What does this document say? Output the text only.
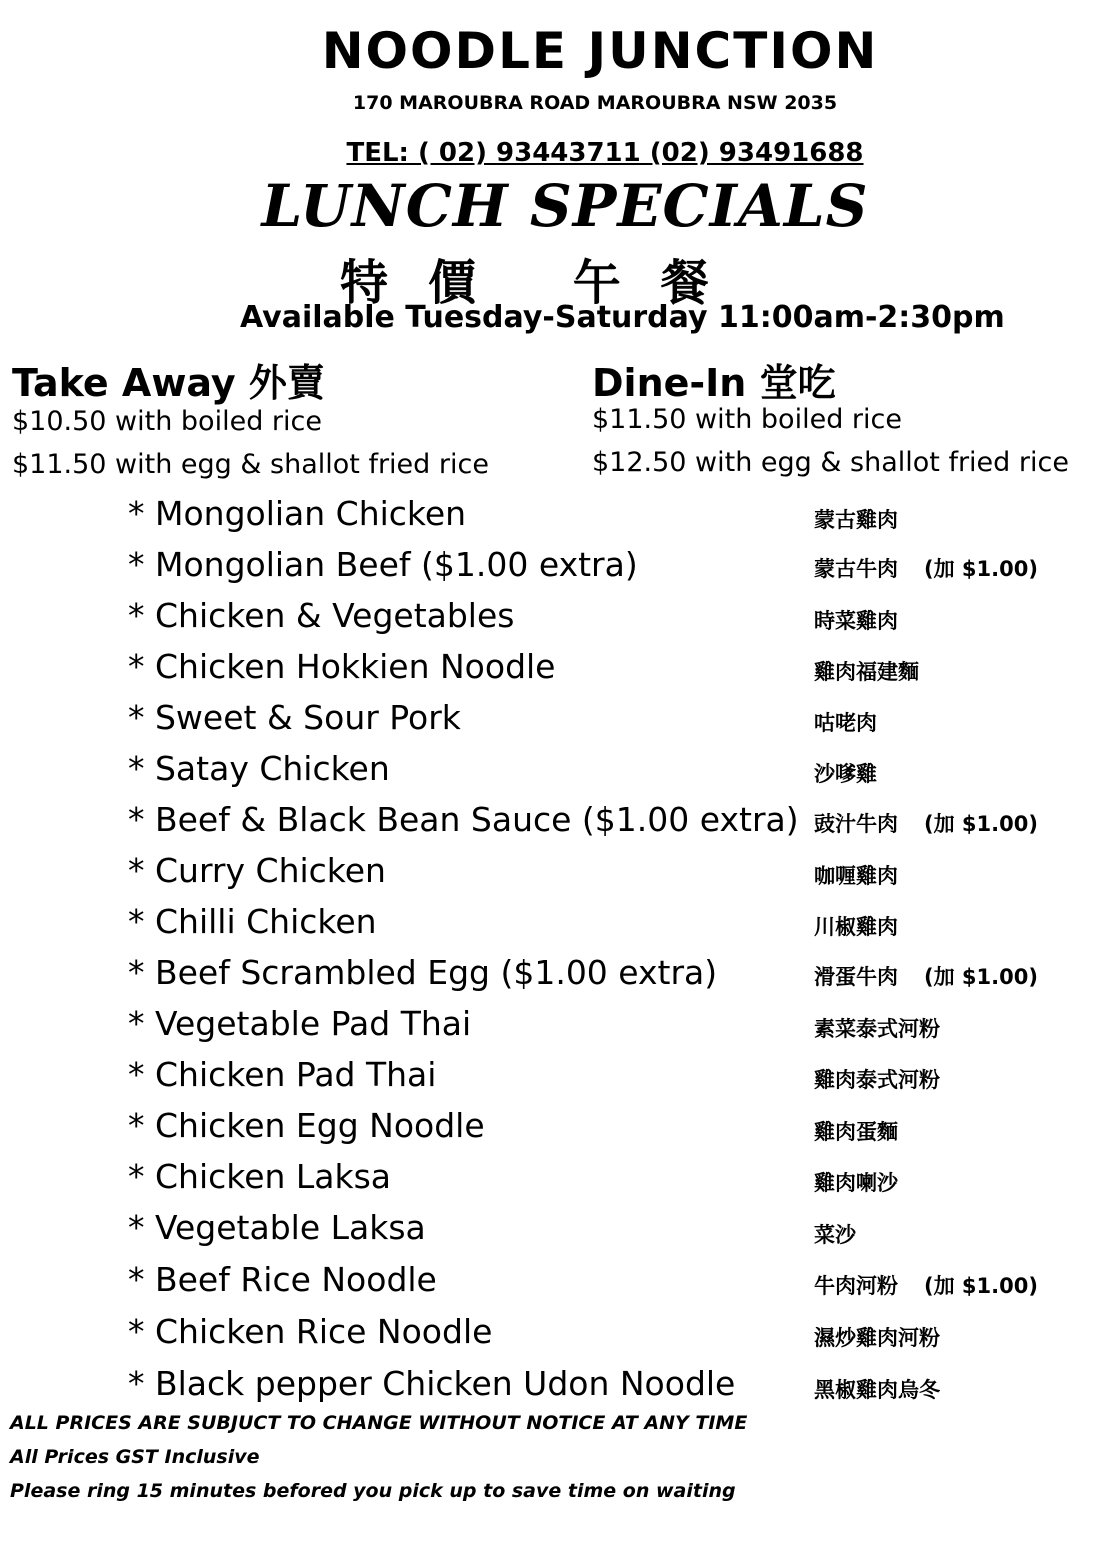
NOODLE JUNCTION
170 MAROUBRA ROAD MAROUBRA NSW 2035
TEL: ( 02) 93443711 (02) 93491688
LUNCH SPECIALS
特價 午餐
Available Tuesday-Saturday 11:00am-2:30pm
Take Away 外賣
$10.50 with boiled rice
$11.50 with egg & shallot fried rice
Dine-In 堂吃
$11.50 with boiled rice
$12.50 with egg & shallot fried rice
* Mongolian Chicken	蒙古雞肉
* Mongolian Beef ($1.00 extra)	蒙古牛肉 (加 $1.00)
* Chicken & Vegetables	時菜雞肉
* Chicken Hokkien Noodle	雞肉福建麵
* Sweet & Sour Pork	咕咾肉
* Satay Chicken	沙嗲雞
* Beef & Black Bean Sauce ($1.00 extra) 豉汁牛肉 (加 $1.00)
* Curry Chicken	咖喱雞肉
* Chilli Chicken	川椒雞肉
* Beef Scrambled Egg ($1.00 extra)	滑蛋牛肉 (加 $1.00)
* Vegetable Pad Thai	素菜泰式河粉
* Chicken Pad Thai	雞肉泰式河粉
* Chicken Egg Noodle	雞肉蛋麵
* Chicken Laksa	雞肉喇沙
* Vegetable Laksa	菜沙
* Beef Rice Noodle	牛肉河粉 (加 $1.00)
* Chicken Rice Noodle	濕炒雞肉河粉
* Black pepper Chicken Udon Noodle	黑椒雞肉烏冬
ALL PRICES ARE SUBJUCT TO CHANGE WITHOUT NOTICE AT ANY TIME
All Prices GST Inclusive
Please ring 15 minutes befored you pick up to save time on waiting
